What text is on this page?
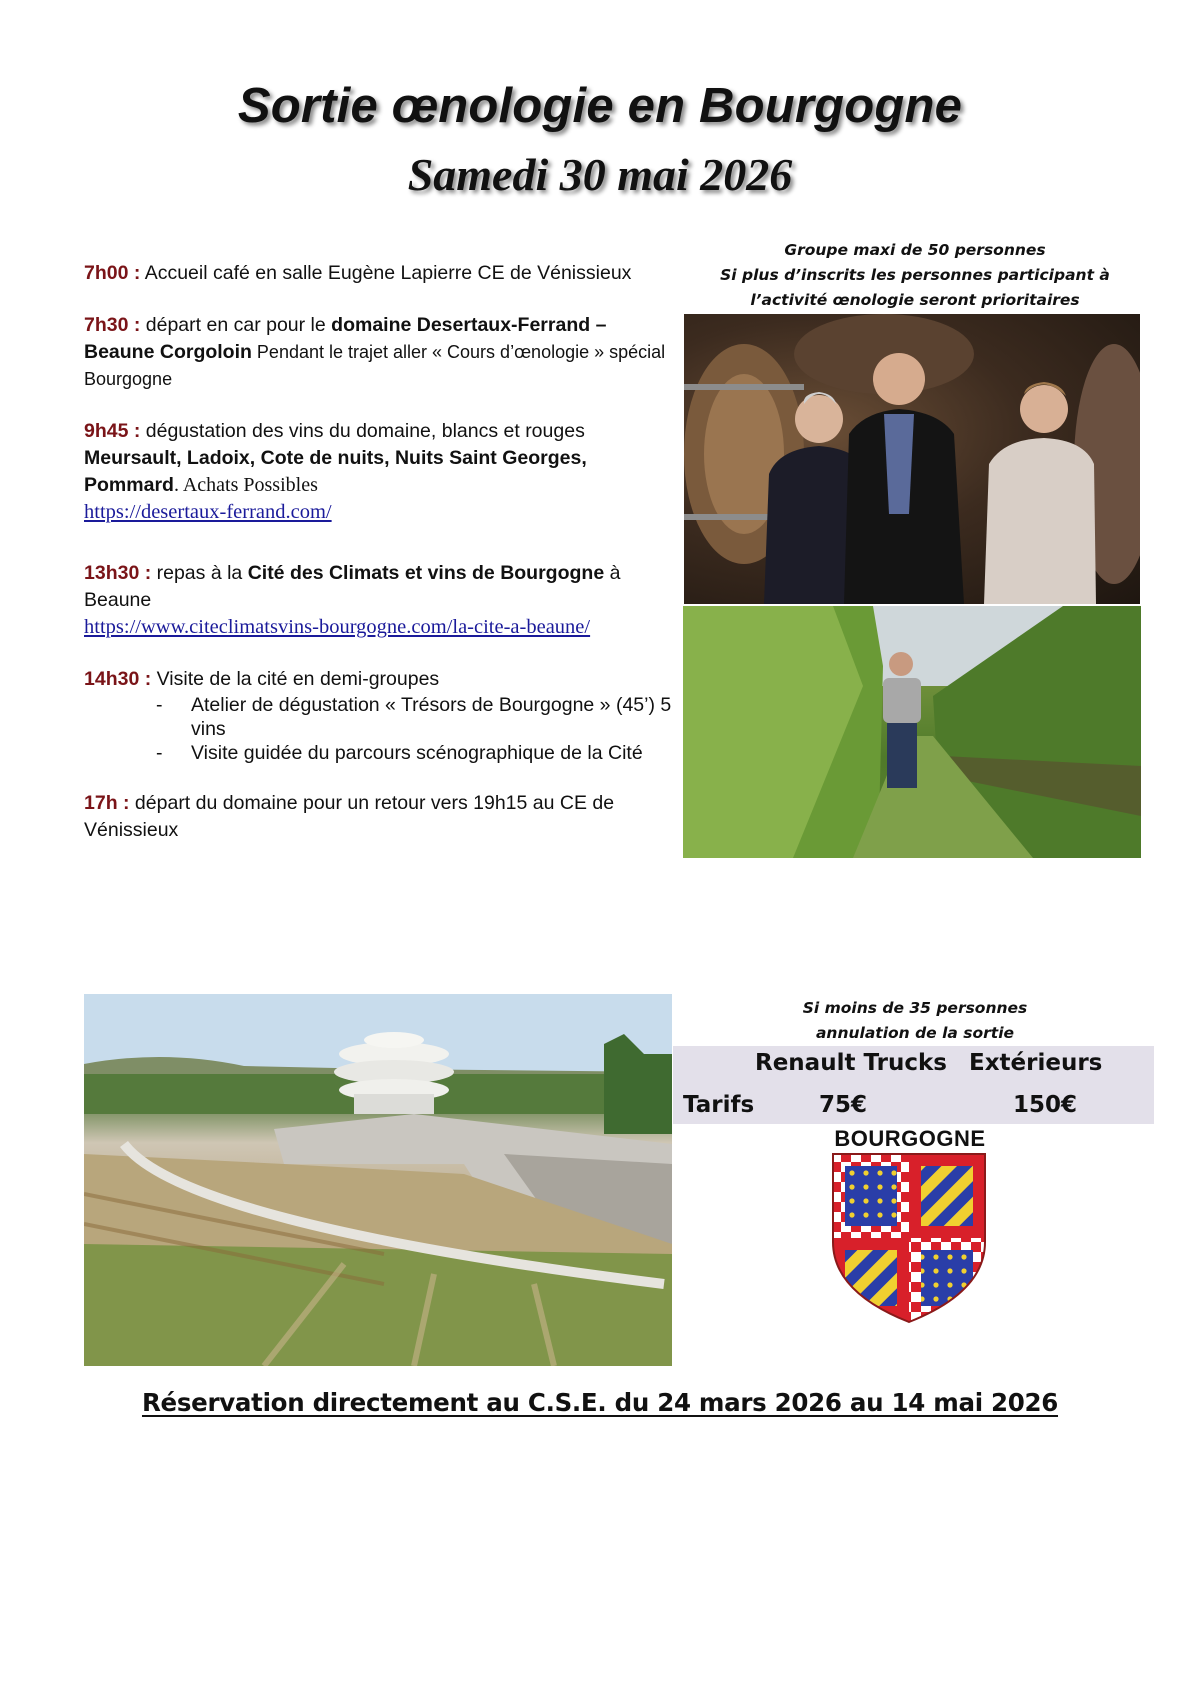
Sortie œnologie en Bourgogne
Samedi 30 mai 2026
7h00 : Accueil café en salle Eugène Lapierre CE de Vénissieux
7h30 : départ en car pour le domaine Desertaux-Ferrand – Beaune Corgoloin Pendant le trajet aller « Cours d’œnologie » spécial Bourgogne
9h45 : dégustation des vins du domaine, blancs et rouges Meursault, Ladoix, Cote de nuits, Nuits Saint Georges, Pommard. Achats Possibles
https://desertaux-ferrand.com/
13h30 : repas à la Cité des Climats et vins de Bourgogne à Beaune
https://www.citeclimatsvins-bourgogne.com/la-cite-a-beaune/
14h30 : Visite de la cité en demi-groupes
- Atelier de dégustation « Trésors de Bourgogne » (45’) 5 vins
- Visite guidée du parcours scénographique de la Cité
17h : départ du domaine pour un retour vers 19h15 au CE de Vénissieux
Groupe maxi de 50 personnes
Si plus d’inscrits les personnes participant à
l’activité œnologie seront prioritaires
Si moins de 35 personnes
annulation de la sortie
Renault Trucks Extérieurs
Tarifs	75€	150€
BOURGOGNE
Réservation directement au C.S.E. du 24 mars 2026 au 14 mai 2026
